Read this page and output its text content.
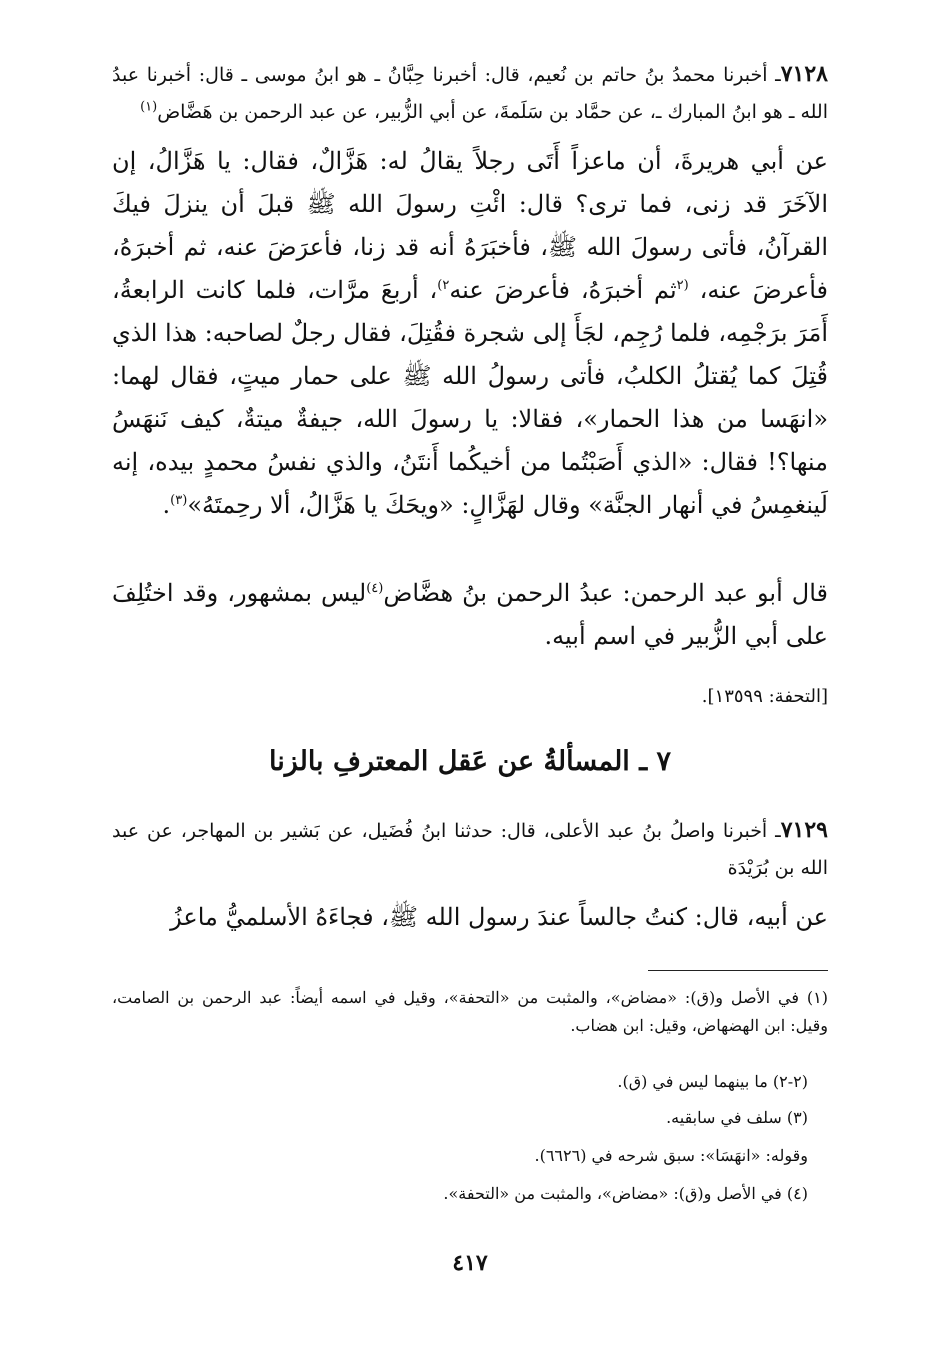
٧١٢٨ـ أخبرنا محمدُ بنُ حاتم بن نُعيم، قال: أخبرنا حِبَّانُ ـ هو ابنُ موسى ـ قال: أخبرنا عبدُ الله ـ هو ابنُ المبارك ـ، عن حمَّاد بن سَلَمةَ، عن أبي الزُّبير، عن عبد الرحمن بن هَضَّاض$^{(١)}$
عن أبي هريرةَ، أن ماعزاً أَتَى رجلاً يقالُ له: هَزَّالٌ، فقال: يا هَزَّالُ، إن الآخَرَ قد زنى، فما ترى؟ قال: ائْتِ رسولَ الله ﷺ قبلَ أن ينزلَ فيكَ القرآنُ، فأتى رسولَ الله ﷺ، فأخبَرَهُ أنه قد زنا، فأعرَضَ عنه، ثم أخبرَهُ، فأعرضَ عنه، $^{(٢}$ثم أخبرَهُ، فأعرضَ عنه$^{٢)}$، أربعَ مرَّات، فلما كانت الرابعةُ، أَمَرَ برَجْمِه، فلما رُجِم، لجَأَ إلى شجرة فقُتِلَ، فقال رجلٌ لصاحبه: هذا الذي قُتِلَ كما يُقتلُ الكلبُ، فأتى رسولُ الله ﷺ على حمار ميتٍ، فقال لهما: «انهَسا من هذا الحمار»، فقالا: يا رسولَ الله، جيفةٌ ميتةٌ، كيف نَنهَسُ منها؟! فقال: «الذي أَصَبْتُما من أخيكُما أَنتَنُ، والذي نفسُ محمدٍ بيده، إنه لَينغمِسُ في أنهار الجنَّة» وقال لهَزَّالٍ: «ويحَكَ يا هَزَّالُ، ألا رحِمتَهُ»$^{(٣)}$.
قال أبو عبد الرحمن: عبدُ الرحمن بنُ هضَّاض$^{(٤)}$ليس بمشهور، وقد اختُلِفَ على أبي الزُّبير في اسم أبيه.
[التحفة: ١٣٥٩٩].
٧ ـ المسألةُ عن عَقل المعترفِ بالزنا
٧١٢٩ـ أخبرنا واصلُ بنُ عبد الأعلى، قال: حدثنا ابنُ فُضَيل، عن بَشير بن المهاجر، عن عبد الله بن بُرَيْدَة
عن أبيه، قال: كنتُ جالساً عندَ رسول الله ﷺ، فجاءَهُ الأسلميُّ ماعزُ
(١) في الأصل و(ق): «مضاض»، والمثبت من «التحفة»، وقيل في اسمه أيضاً: عبد الرحمن بن الصامت، وقيل: ابن الهضهاض، وقيل: ابن هضاب.
(٢-٢) ما بينهما ليس في (ق).
(٣) سلف في سابقيه.
وقوله: «انهَسَا»: سبق شرحه في (٦٦٢٦).
(٤) في الأصل و(ق): «مضاض»، والمثبت من «التحفة».
٤١٧
